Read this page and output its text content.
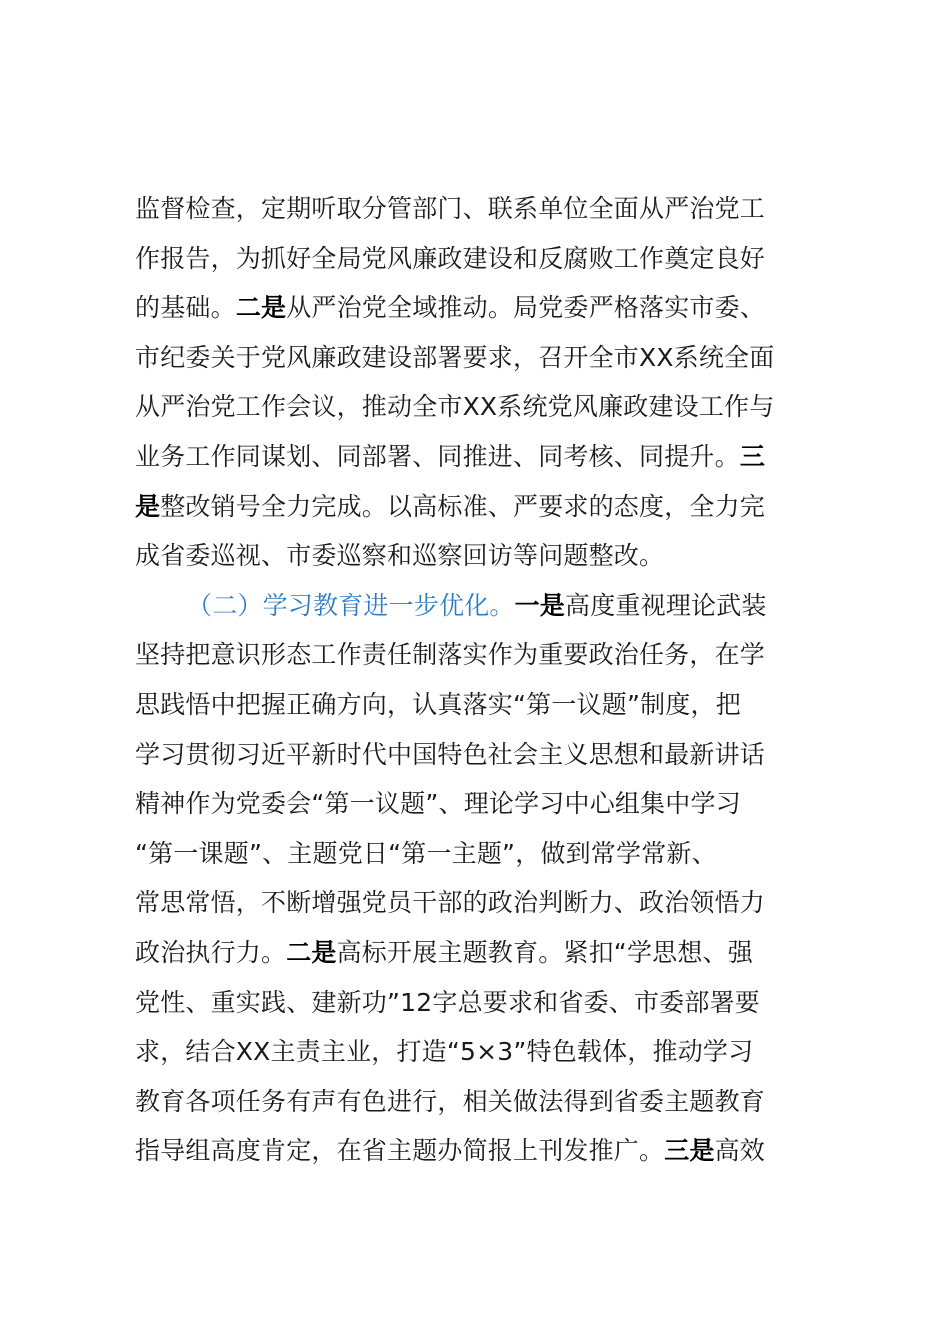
监督检查，定期听取分管部门、联系单位全面从严治党工
作报告，为抓好全局党风廉政建设和反腐败工作奠定良好
的基础。二是从严治党全域推动。局党委严格落实市委、
市纪委关于党风廉政建设部署要求，召开全市XX系统全面
从严治党工作会议，推动全市XX系统党风廉政建设工作与
业务工作同谋划、同部署、同推进、同考核、同提升。三
是整改销号全力完成。以高标准、严要求的态度，全力完
成省委巡视、市委巡察和巡察回访等问题整改。
（二）学习教育进一步优化。一是高度重视理论武装
坚持把意识形态工作责任制落实作为重要政治任务，在学
思践悟中把握正确方向，认真落实“第一议题”制度，把
学习贯彻习近平新时代中国特色社会主义思想和最新讲话
精神作为党委会“第一议题”、理论学习中心组集中学习
“第一课题”、主题党日“第一主题”，做到常学常新、
常思常悟，不断增强党员干部的政治判断力、政治领悟力
政治执行力。二是高标开展主题教育。紧扣“学思想、强
党性、重实践、建新功”12字总要求和省委、市委部署要
求，结合XX主责主业，打造“5×3”特色载体，推动学习
教育各项任务有声有色进行，相关做法得到省委主题教育
指导组高度肯定，在省主题办简报上刊发推广。三是高效
